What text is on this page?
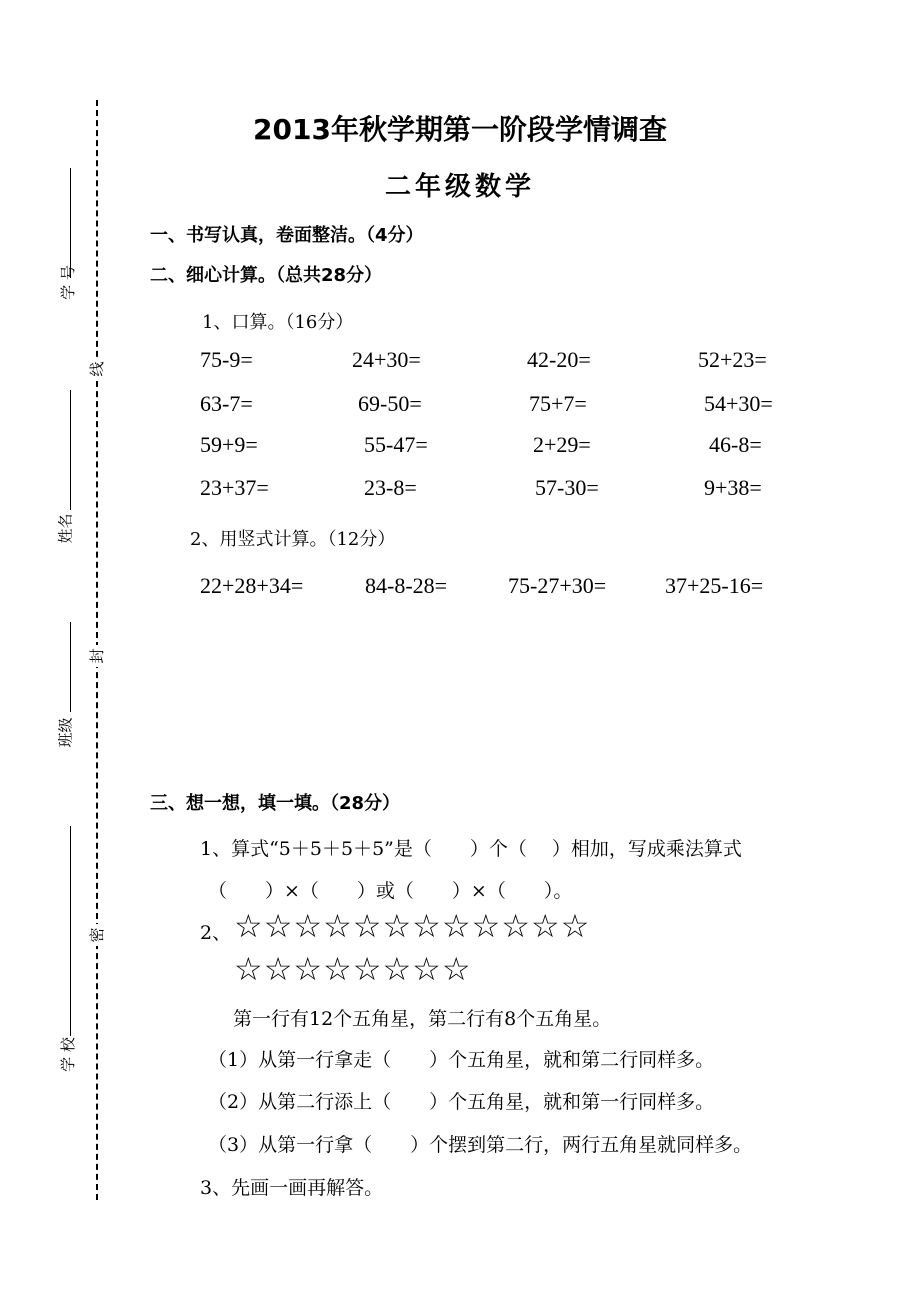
线
封
密
学 号
姓名
班级
学 校
2013年秋学期第一阶段学情调查
二年级数学
一、书写认真，卷面整洁。（4分）
二、细心计算。（总共28分）
1、口算。（16分）
75-9=	24+30=	42-20=	52+23=
63-7=	69-50=	75+7=	54+30=
59+9=	55-47=	2+29=	46-8=
23+37=	23-8=	57-30=	9+38=
2、用竖式计算。（12分）
22+28+34=	84-8-28=	75-27+30=	37+25-16=
三、想一想，填一填。（28分）
1、算式“5＋5＋5＋5”是（　　）个（　 ）相加，写成乘法算式
（　　）×（　　）或（　　）×（　　）。
2、 ☆☆☆☆☆☆☆☆☆☆☆☆
☆☆☆☆☆☆☆☆
第一行有12个五角星，第二行有8个五角星。
（1）从第一行拿走（　　）个五角星，就和第二行同样多。
（2）从第二行添上（　　）个五角星，就和第一行同样多。
（3）从第一行拿（　　）个摆到第二行，两行五角星就同样多。
3、先画一画再解答。
